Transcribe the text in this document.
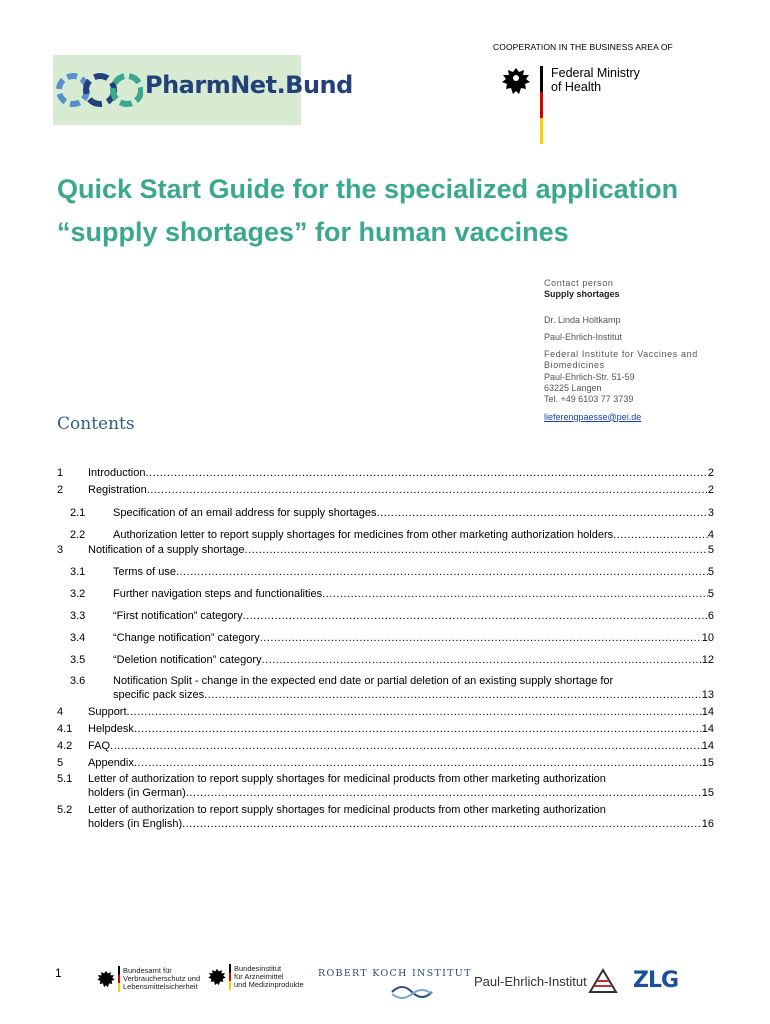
COOPERATION IN THE BUSINESS AREA OF
PharmNet.Bund	Federal Ministry
of Health
Quick Start Guide for the specialized application
“supply shortages” for human vaccines
Contact person
Supply shortages
Dr. Linda Holtkamp
Paul-Ehrlich-Institut
Federal Institute for Vaccines and
Biomedicines
Paul-Ehrlich-Str. 51-59
63225 Langen
Tel. +49 6103 77 3739
lieferengpaesse@pei.de
Contents
1	Introduction .....	2
2	Registration .....	2
2.1	Specification of an email address for supply shortages .....	3
2.2	Authorization letter to report supply shortages for medicines from other marketing authorization holders .....	4
3	Notification of a supply shortage .....	5
3.1	Terms of use .....	5
3.2	Further navigation steps and functionalities .....	5
3.3	“First notification” category .....	6
3.4	“Change notification” category .....	10
3.5	“Deletion notification” category .....	12
3.6	Notification Split - change in the expected end date or partial deletion of an existing supply shortage for
specific pack sizes .....	13
4	Support .....	14
4.1	Helpdesk .....	14
4.2	FAQ .....	14
5	Appendix .....	15
5.1	Letter of authorization to report supply shortages for medicinal products from other marketing authorization
holders (in German) .....	15
5.2	Letter of authorization to report supply shortages for medicinal products from other marketing authorization
holders (in English) .....	16
1	Bundesamt für
Verbraucherschutz und
Lebensmittelsicherheit
Bundesinstitut
für Arzneimittel
und Medizinprodukte
ROBERT KOCH INSTITUT
Paul-Ehrlich-Institut ZLG
